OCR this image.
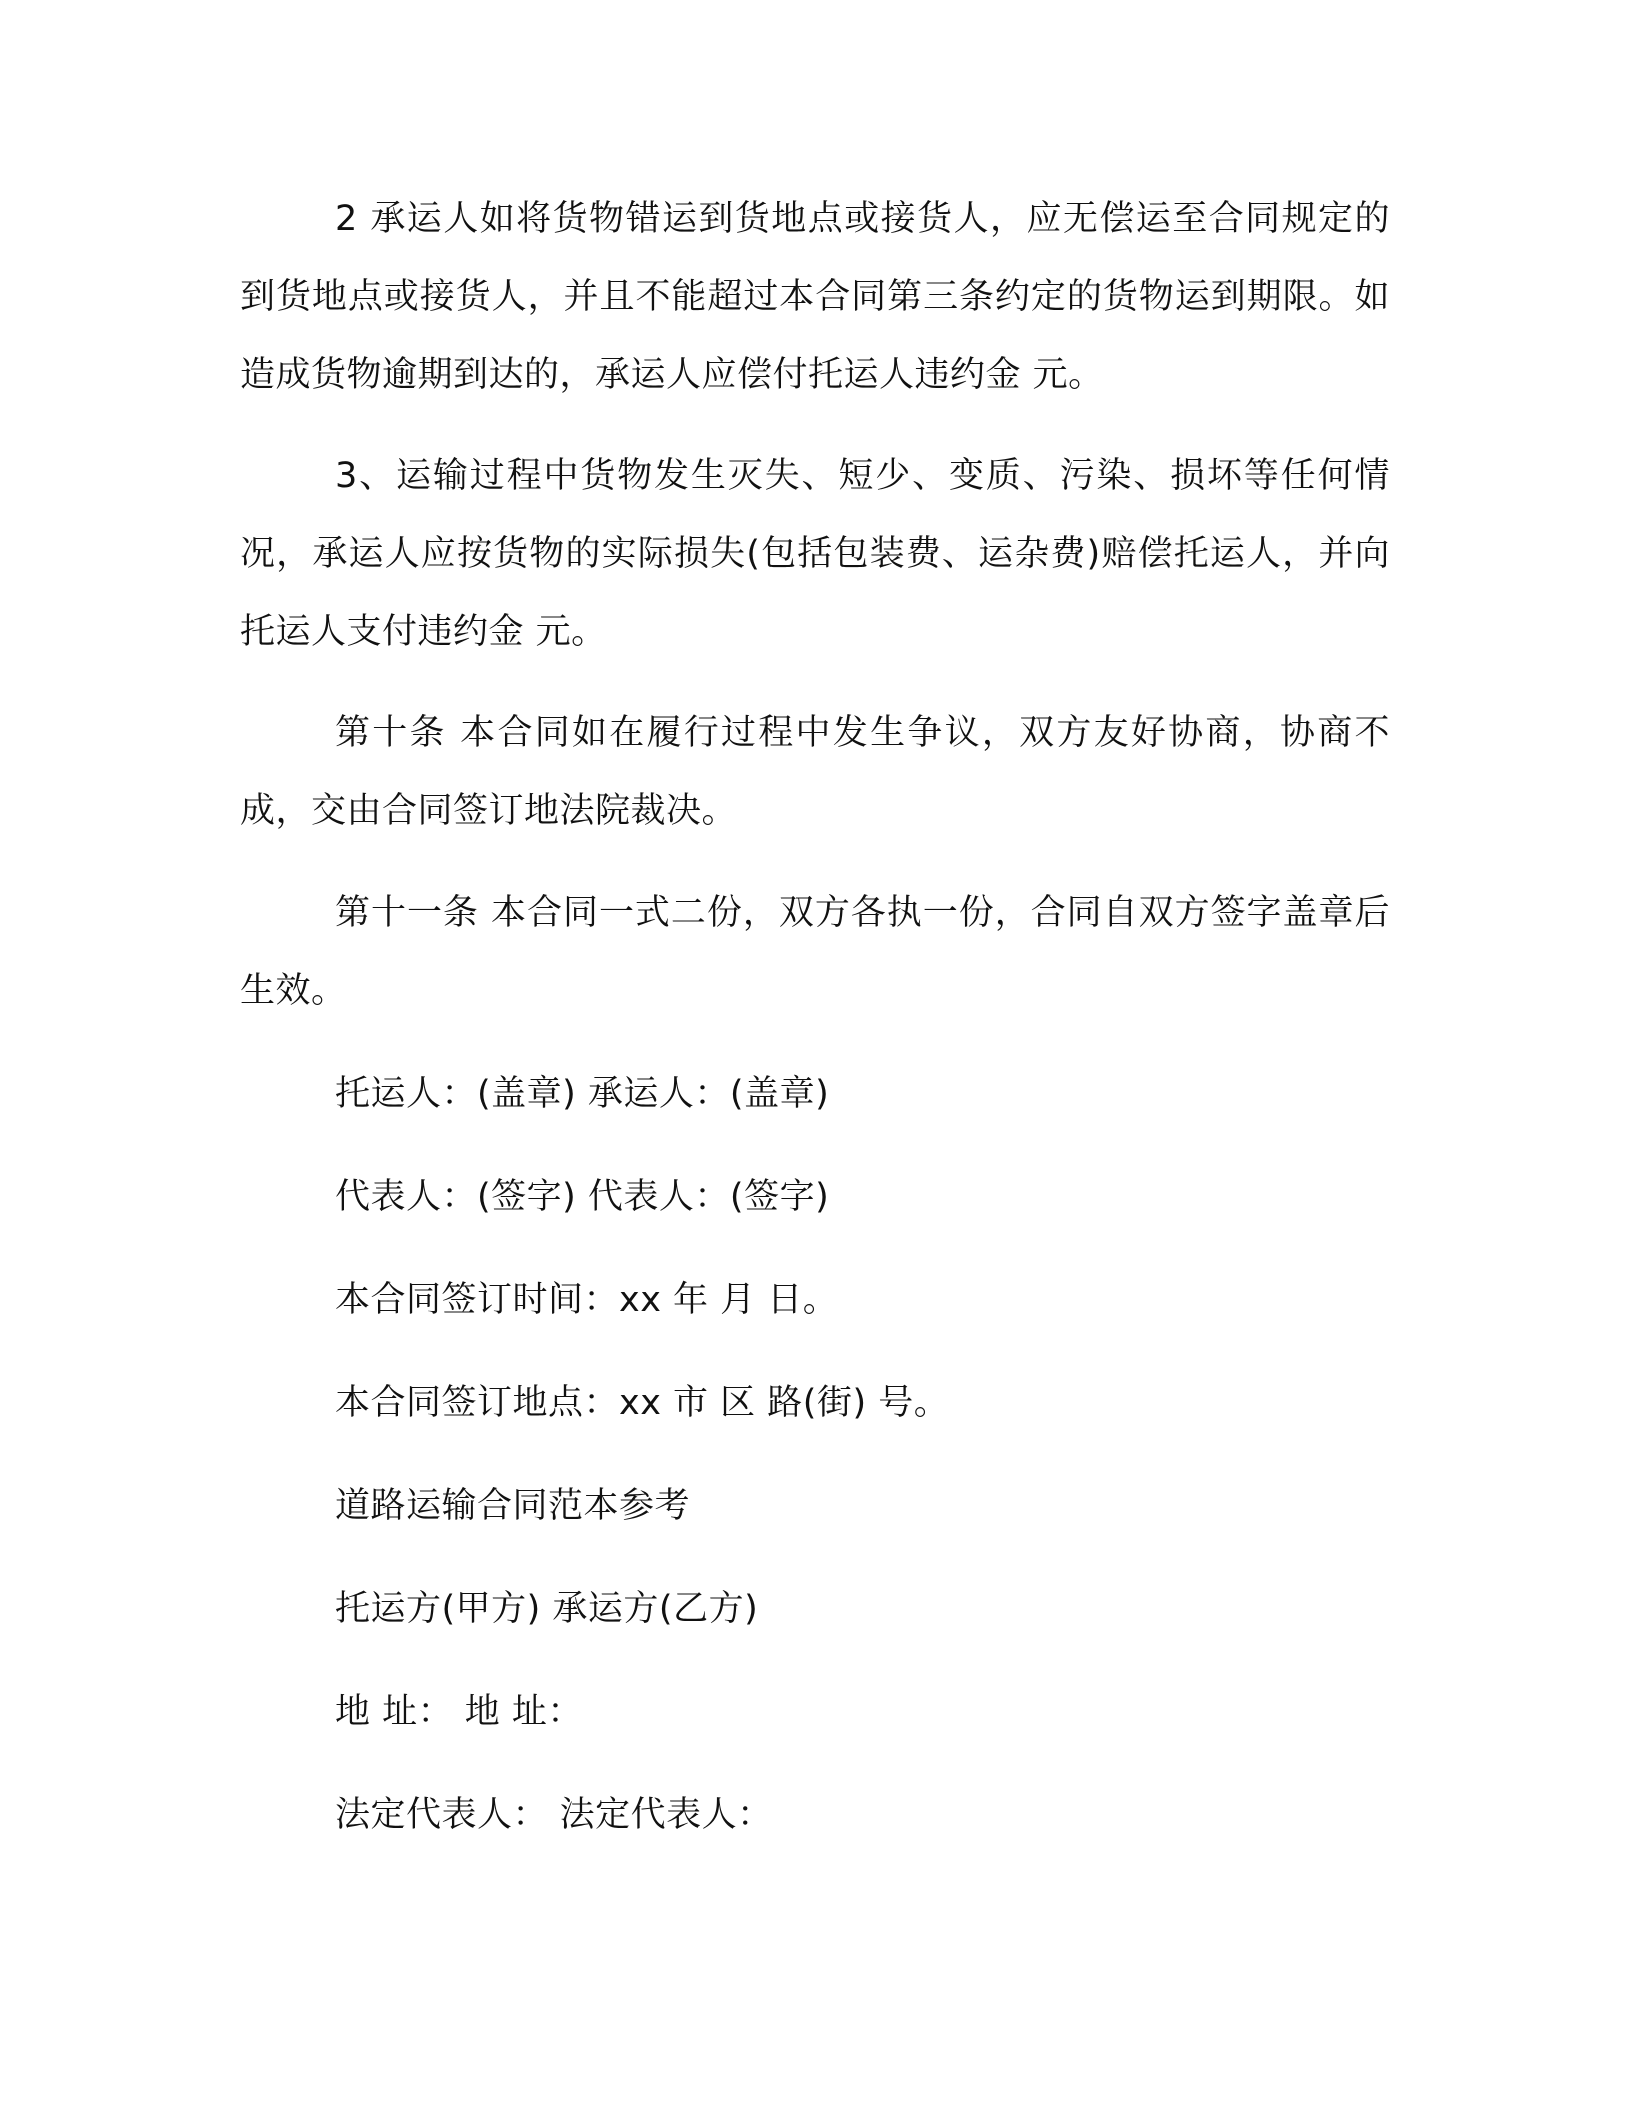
2 承运人如将货物错运到货地点或接货人，应无偿运至合同规定的到货地点或接货人，并且不能超过本合同第三条约定的货物运到期限。如造成货物逾期到达的，承运人应偿付托运人违约金 元。

3、运输过程中货物发生灭失、短少、变质、污染、损坏等任何情况，承运人应按货物的实际损失(包括包装费、运杂费)赔偿托运人，并向托运人支付违约金 元。

第十条 本合同如在履行过程中发生争议，双方友好协商，协商不成，交由合同签订地法院裁决。

第十一条 本合同一式二份，双方各执一份，合同自双方签字盖章后生效。

托运人：(盖章) 承运人：(盖章)

代表人：(签字) 代表人：(签字)

本合同签订时间：xx 年 月 日。

本合同签订地点：xx 市 区 路(街) 号。

道路运输合同范本参考

托运方(甲方) 承运方(乙方)

地 址： 地 址：

法定代表人： 法定代表人：
